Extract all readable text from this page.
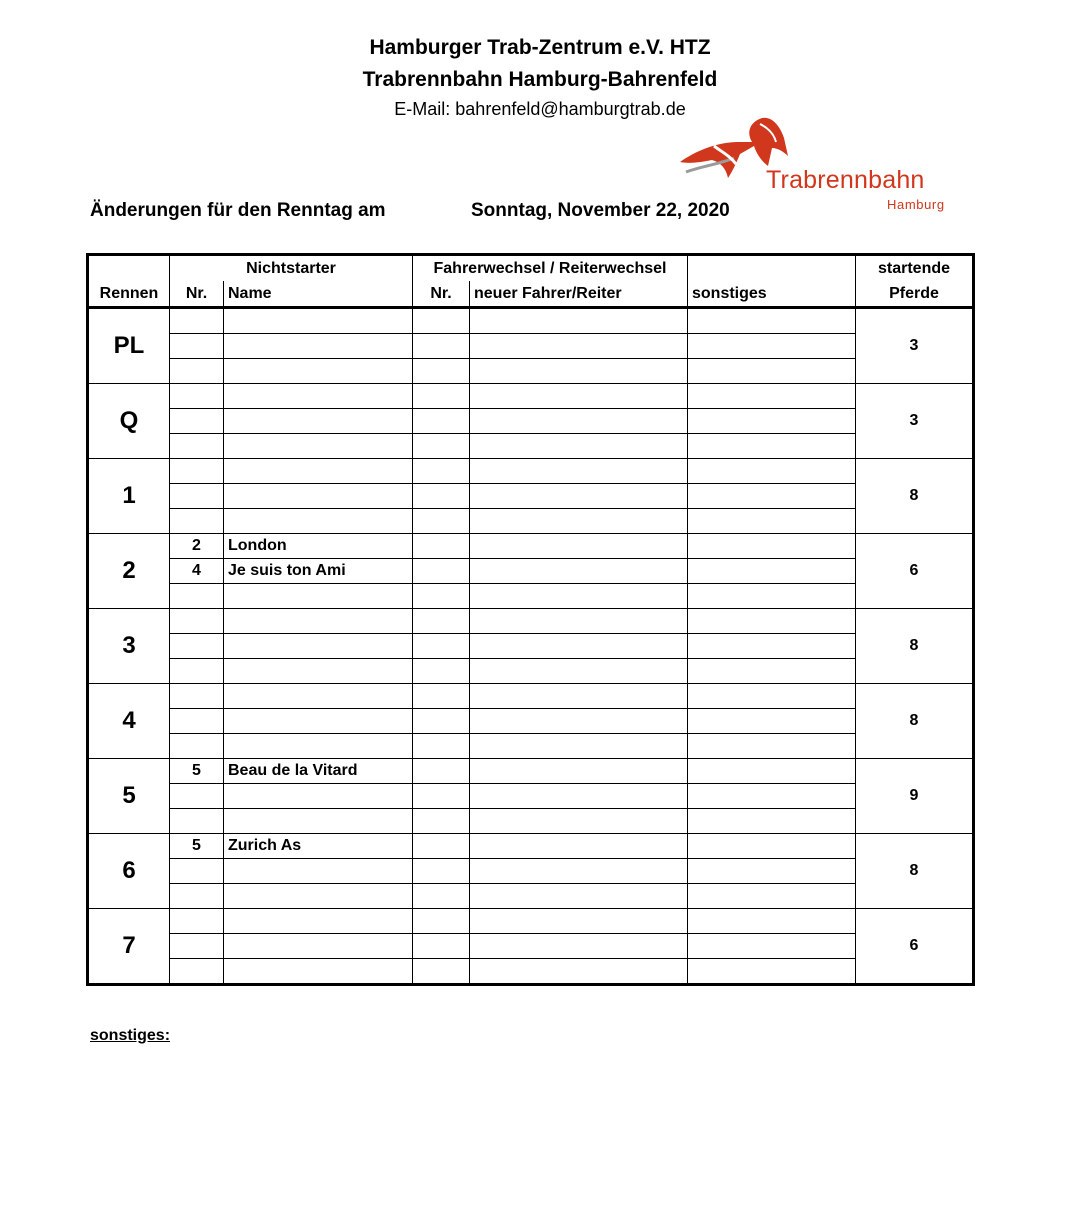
Hamburger Trab-Zentrum e.V. HTZ
Trabrennbahn Hamburg-Bahrenfeld
E-Mail: bahrenfeld@hamburgtrab.de
Trabrennbahn
Hamburg
Änderungen für den Renntag am	Sonntag, November 22, 2020
	Nichtstarter		Fahrerwechsel / Reiterwechsel			startende
Rennen	Nr.	Name	Nr.	neuer Fahrer/Reiter	sonstiges	Pferde
PL						3

Q						3

1						8

2	2	London				6
	4	Je suis ton Ami				

3						8

4						8

5	5	Beau de la Vitard				9

6	5	Zurich As				8

7						6

sonstiges:
